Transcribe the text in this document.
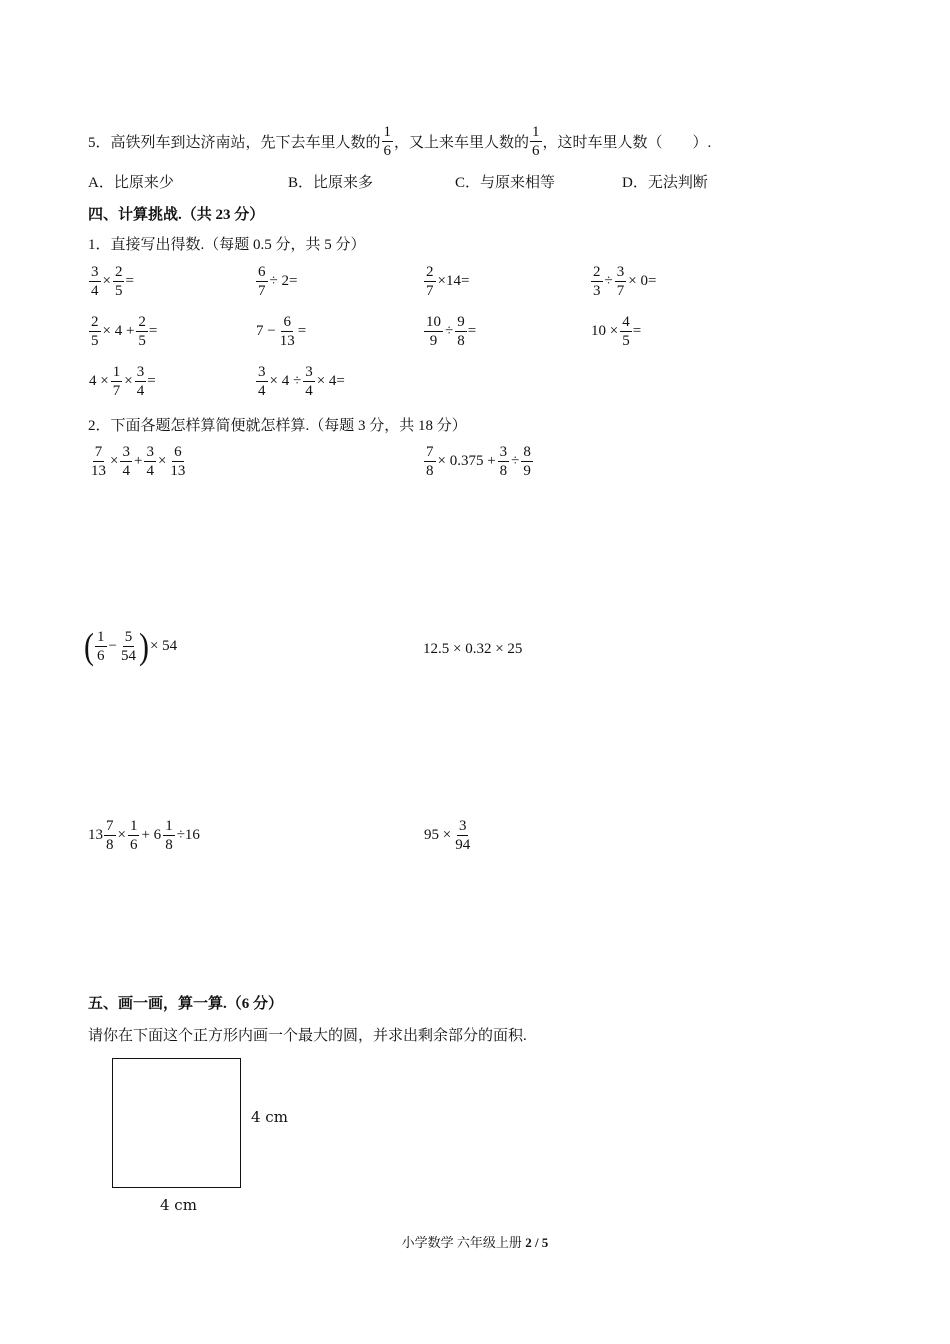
5．高铁列车到达济南站，先下去车里人数的 $\frac{1}{6}$ ，又上来车里人数的 $\frac{1}{6}$ ，这时车里人数（　　）.
A．比原来少	B．比原来多	C．与原来相等	D．无法判断
四、计算挑战.（共 23 分）
1．直接写出得数.（每题 0.5 分，共 5 分）
$\frac{3}{4} \times \frac{2}{5}$ =	$\frac{6}{7} \div 2=$	$\frac{2}{7} \times 14=$	$\frac{2}{3} \div \frac{3}{7} \times 0=$
$\frac{2}{5} \times 4 + \frac{2}{5}$ =	$7 - \frac{6}{13}$ =	$\frac{10}{9} \div \frac{9}{8}$ =	$10 \times \frac{4}{5}$ =
$4 \times \frac{1}{7} \times \frac{3}{4}$ =	$\frac{3}{4} \times 4 \div \frac{3}{4} \times 4=$
2．下面各题怎样算简便就怎样算.（每题 3 分，共 18 分）
$\frac{7}{13} \times \frac{3}{4} + \frac{3}{4} \times \frac{6}{13}$	$\frac{7}{8} \times 0.375 + \frac{3}{8} \div \frac{8}{9}$
( $\frac{1}{6} - \frac{5}{54}$ ) × 54	12.5 × 0.32 × 25
$13 \frac{7}{8} \times \frac{1}{6} + 6 \frac{1}{8} \div 16$	$95 \times \frac{3}{94}$
五、画一画，算一算.（6 分）
请你在下面这个正方形内画一个最大的圆，并求出剩余部分的面积.
4 cm
4 cm
小学数学 六年级上册 2 / 5
